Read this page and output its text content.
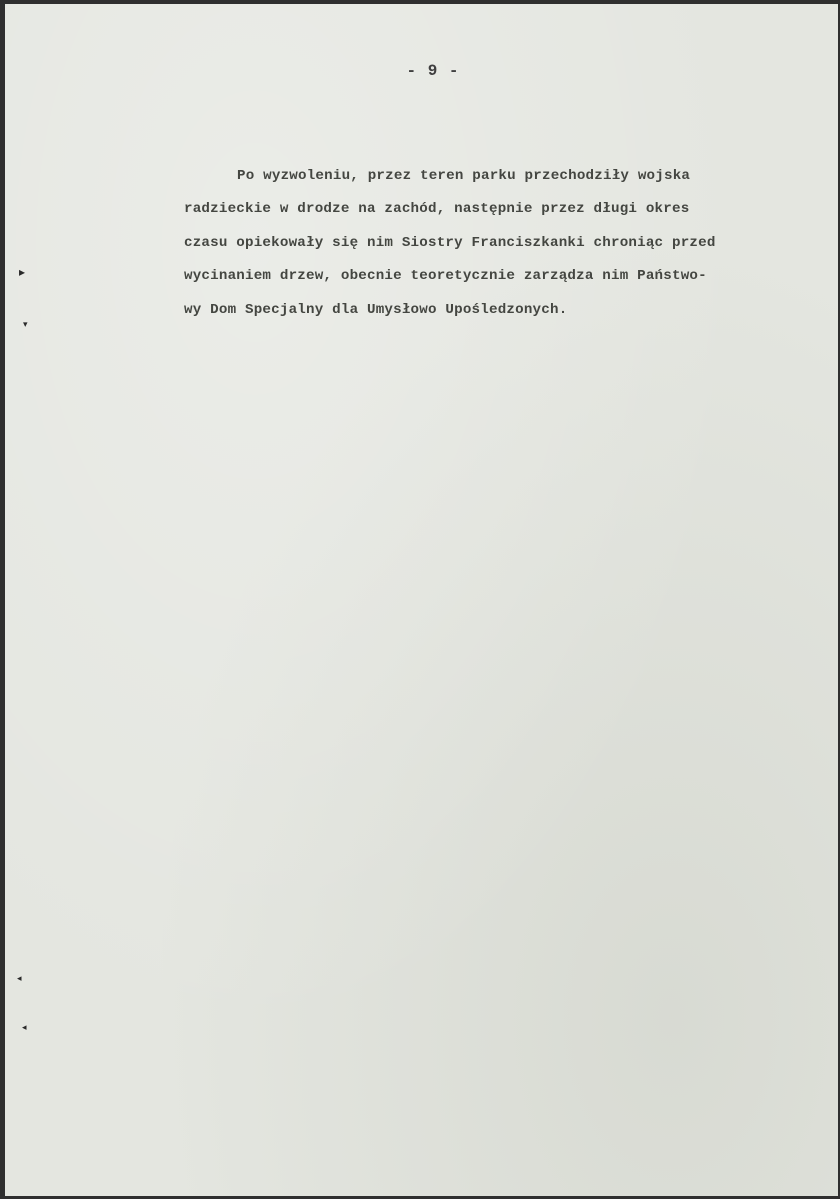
- 9 -
Po wyzwoleniu, przez teren parku przechodziły wojska
radzieckie w drodze na zachód, następnie przez długi okres
czasu opiekowały się nim Siostry Franciszkanki chroniąc przed
wycinaniem drzew, obecnie teoretycznie zarządza nim Państwo-
wy Dom Specjalny dla Umysłowo Upośledzonych.
▸
▾
◂
◂
